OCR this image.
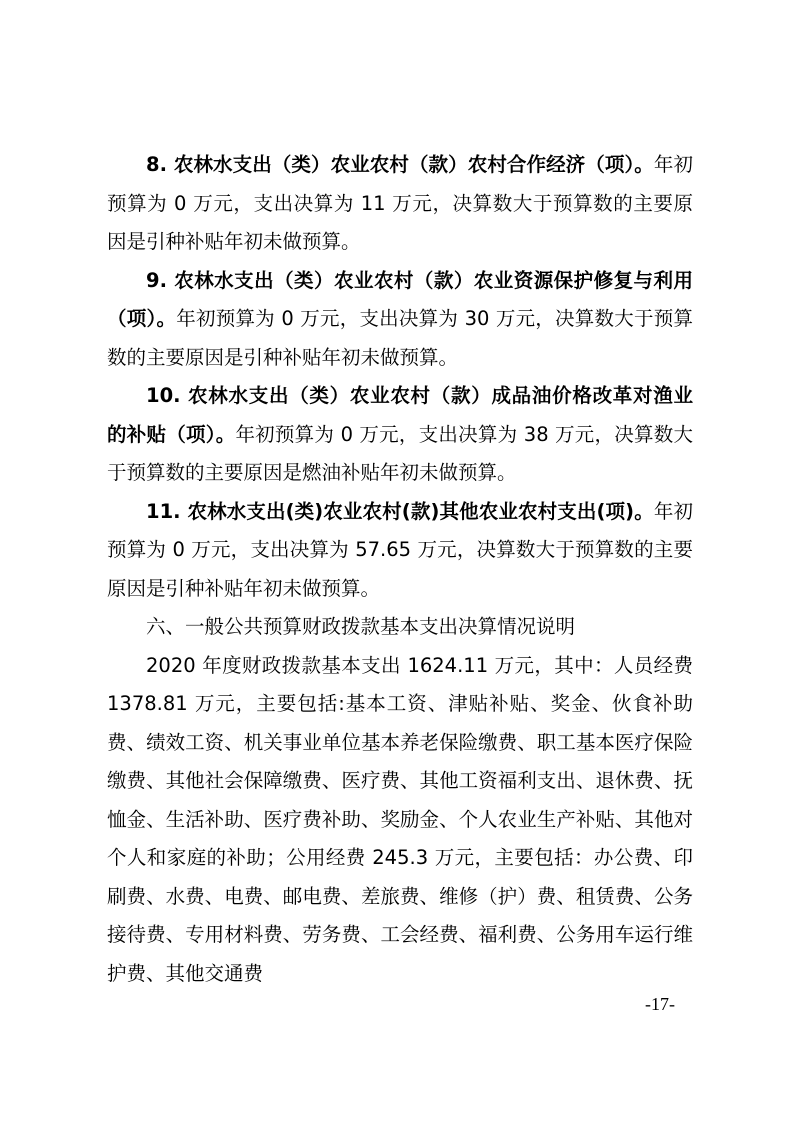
8. 农林水支出（类）农业农村（款）农村合作经济（项）。年初预算为 0 万元，支出决算为 11 万元，决算数大于预算数的主要原因是引种补贴年初未做预算。

9. 农林水支出（类）农业农村（款）农业资源保护修复与利用（项）。年初预算为 0 万元，支出决算为 30 万元，决算数大于预算数的主要原因是引种补贴年初未做预算。

10. 农林水支出（类）农业农村（款）成品油价格改革对渔业的补贴（项）。年初预算为 0 万元，支出决算为 38 万元，决算数大于预算数的主要原因是燃油补贴年初未做预算。

11. 农林水支出(类)农业农村(款)其他农业农村支出(项)。年初预算为 0 万元，支出决算为 57.65 万元，决算数大于预算数的主要原因是引种补贴年初未做预算。

六、一般公共预算财政拨款基本支出决算情况说明

2020 年度财政拨款基本支出 1624.11 万元，其中：人员经费 1378.81 万元，主要包括:基本工资、津贴补贴、奖金、伙食补助费、绩效工资、机关事业单位基本养老保险缴费、职工基本医疗保险缴费、其他社会保障缴费、医疗费、其他工资福利支出、退休费、抚恤金、生活补助、医疗费补助、奖励金、个人农业生产补贴、其他对个人和家庭的补助；公用经费 245.3 万元，主要包括：办公费、印刷费、水费、电费、邮电费、差旅费、维修（护）费、租赁费、公务接待费、专用材料费、劳务费、工会经费、福利费、公务用车运行维护费、其他交通费

-17-
